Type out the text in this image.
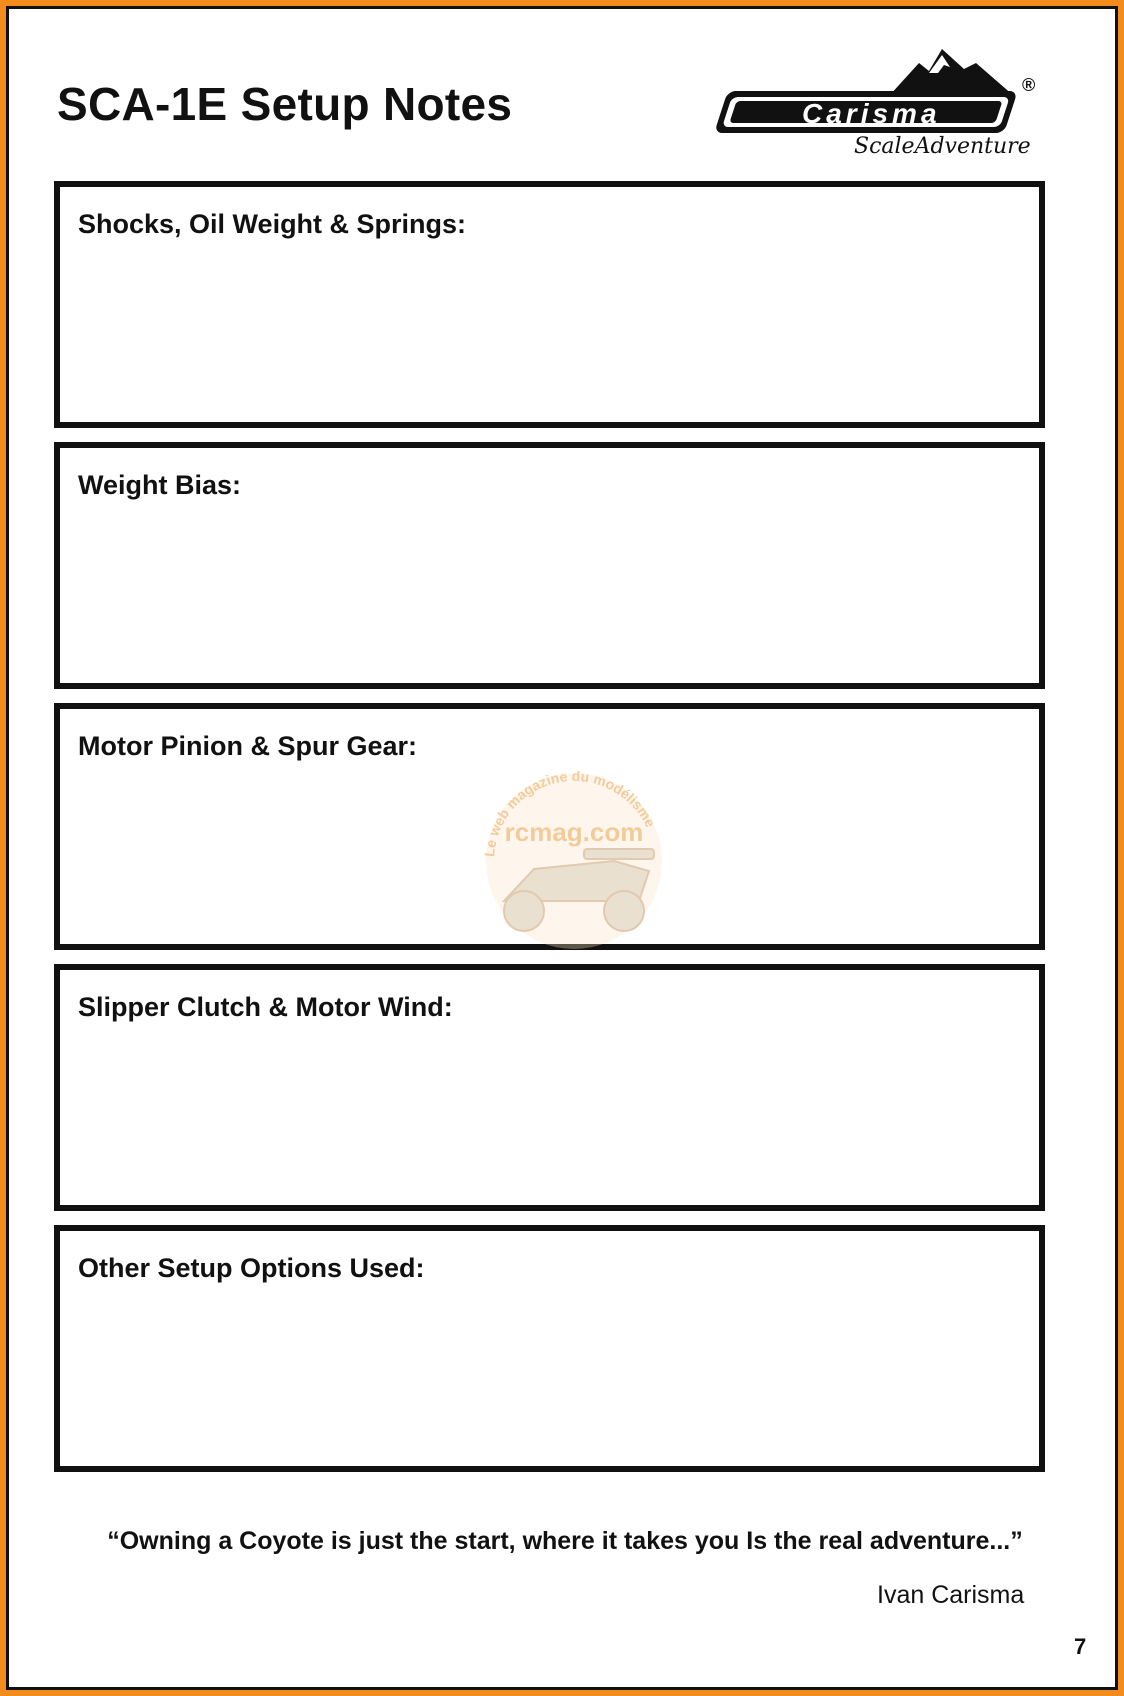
SCA-1E Setup Notes	Carisma
®
ScaleAdventure
Shocks, Oil Weight & Springs:
Weight Bias:
Motor Pinion & Spur Gear:
Slipper Clutch & Motor Wind:
Other Setup Options Used:
Le web magazine du modélisme
rcmag.com
“Owning a Coyote is just the start, where it takes you Is the real adventure...”
Ivan Carisma
7
